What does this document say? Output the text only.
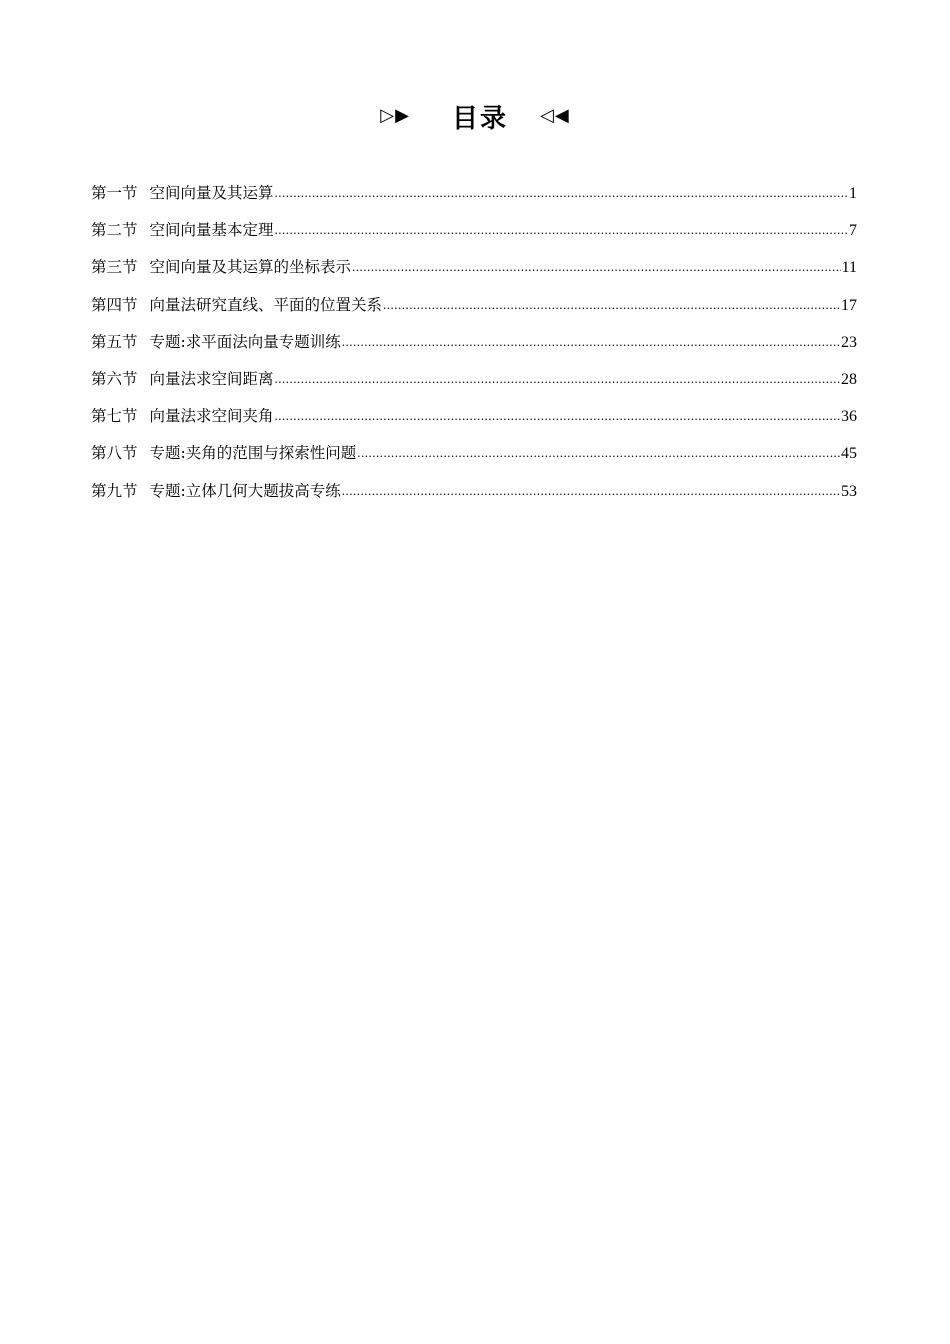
▷▶ 目录 ◁◀
第一节 空间向量及其运算 .....	1
第二节 空间向量基本定理 .....	7
第三节 空间向量及其运算的坐标表示 .....	11
第四节 向量法研究直线、平面的位置关系 .....	17
第五节 专题:求平面法向量专题训练 .....	23
第六节 向量法求空间距离 .....	28
第七节 向量法求空间夹角 .....	36
第八节 专题:夹角的范围与探索性问题 .....	45
第九节 专题:立体几何大题拔高专练 .....	53
